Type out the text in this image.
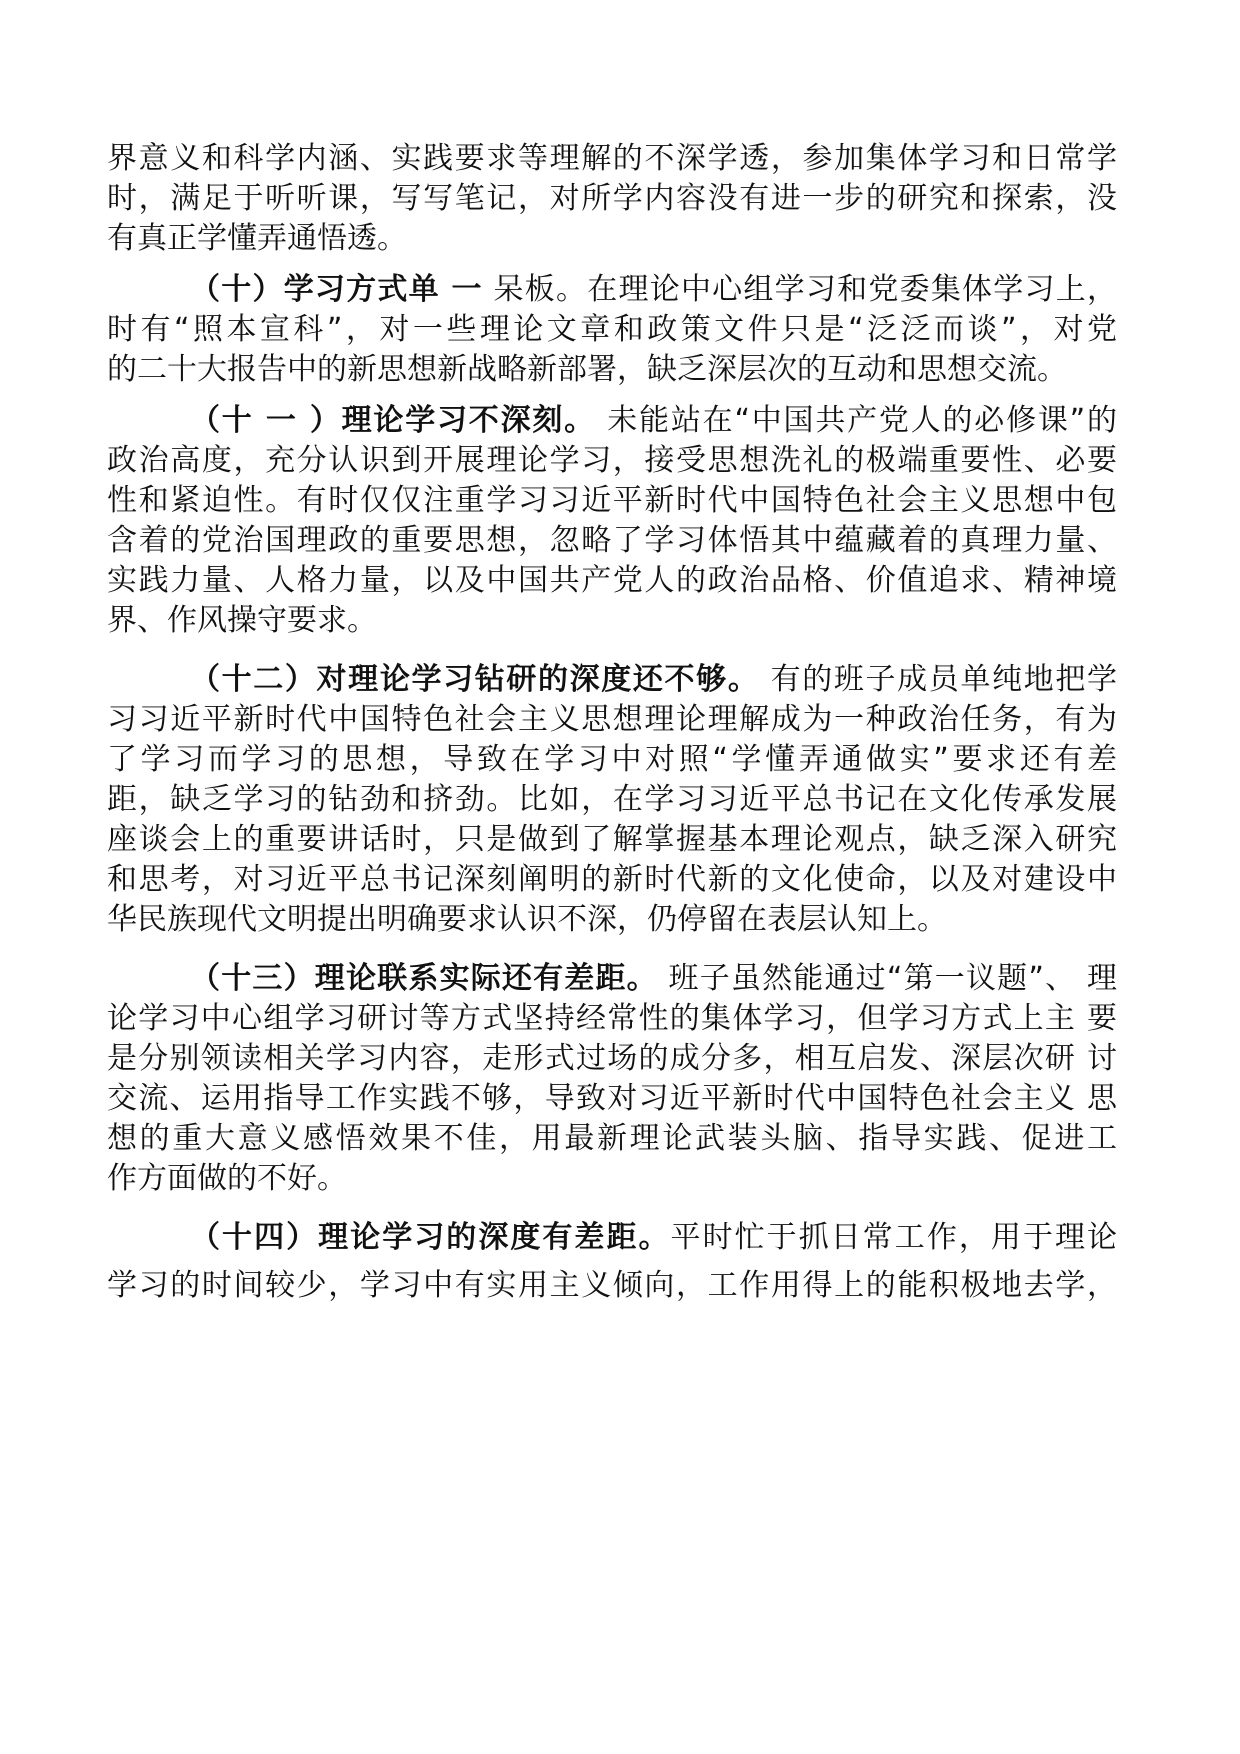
界意义和科学内涵、实践要求等理解的不深学透，参加集体学习和日常学
时，满足于听听课，写写笔记，对所学内容没有进一步的研究和探索，没
有真正学懂弄通悟透。
（十）学习方式单 一 呆板。在理论中心组学习和党委集体学习上，
时有“照本宣科”，对一些理论文章和政策文件只是“泛泛而谈”，对党
的二十大报告中的新思想新战略新部署，缺乏深层次的互动和思想交流。
（十 一 ）理论学习不深刻。 未能站在“中国共产党人的必修课”的
政治高度，充分认识到开展理论学习，接受思想洗礼的极端重要性、必要
性和紧迫性。有时仅仅注重学习习近平新时代中国特色社会主义思想中包
含着的党治国理政的重要思想，忽略了学习体悟其中蕴藏着的真理力量、
实践力量、人格力量，以及中国共产党人的政治品格、价值追求、精神境
界、作风操守要求。
（十二）对理论学习钻研的深度还不够。 有的班子成员单纯地把学
习习近平新时代中国特色社会主义思想理论理解成为一种政治任务，有为
了学习而学习的思想，导致在学习中对照“学懂弄通做实”要求还有差
距，缺乏学习的钻劲和挤劲。比如，在学习习近平总书记在文化传承发展
座谈会上的重要讲话时，只是做到了解掌握基本理论观点，缺乏深入研究
和思考，对习近平总书记深刻阐明的新时代新的文化使命，以及对建设中
华民族现代文明提出明确要求认识不深，仍停留在表层认知上。
（十三）理论联系实际还有差距。 班子虽然能通过“第一议题”、 理
论学习中心组学习研讨等方式坚持经常性的集体学习，但学习方式上主 要
是分别领读相关学习内容，走形式过场的成分多，相互启发、深层次研 讨
交流、运用指导工作实践不够，导致对习近平新时代中国特色社会主义 思
想的重大意义感悟效果不佳，用最新理论武装头脑、指导实践、促进工
作方面做的不好。
（十四）理论学习的深度有差距。平时忙于抓日常工作，用于理论
学习的时间较少，学习中有实用主义倾向，工作用得上的能积极地去学，
